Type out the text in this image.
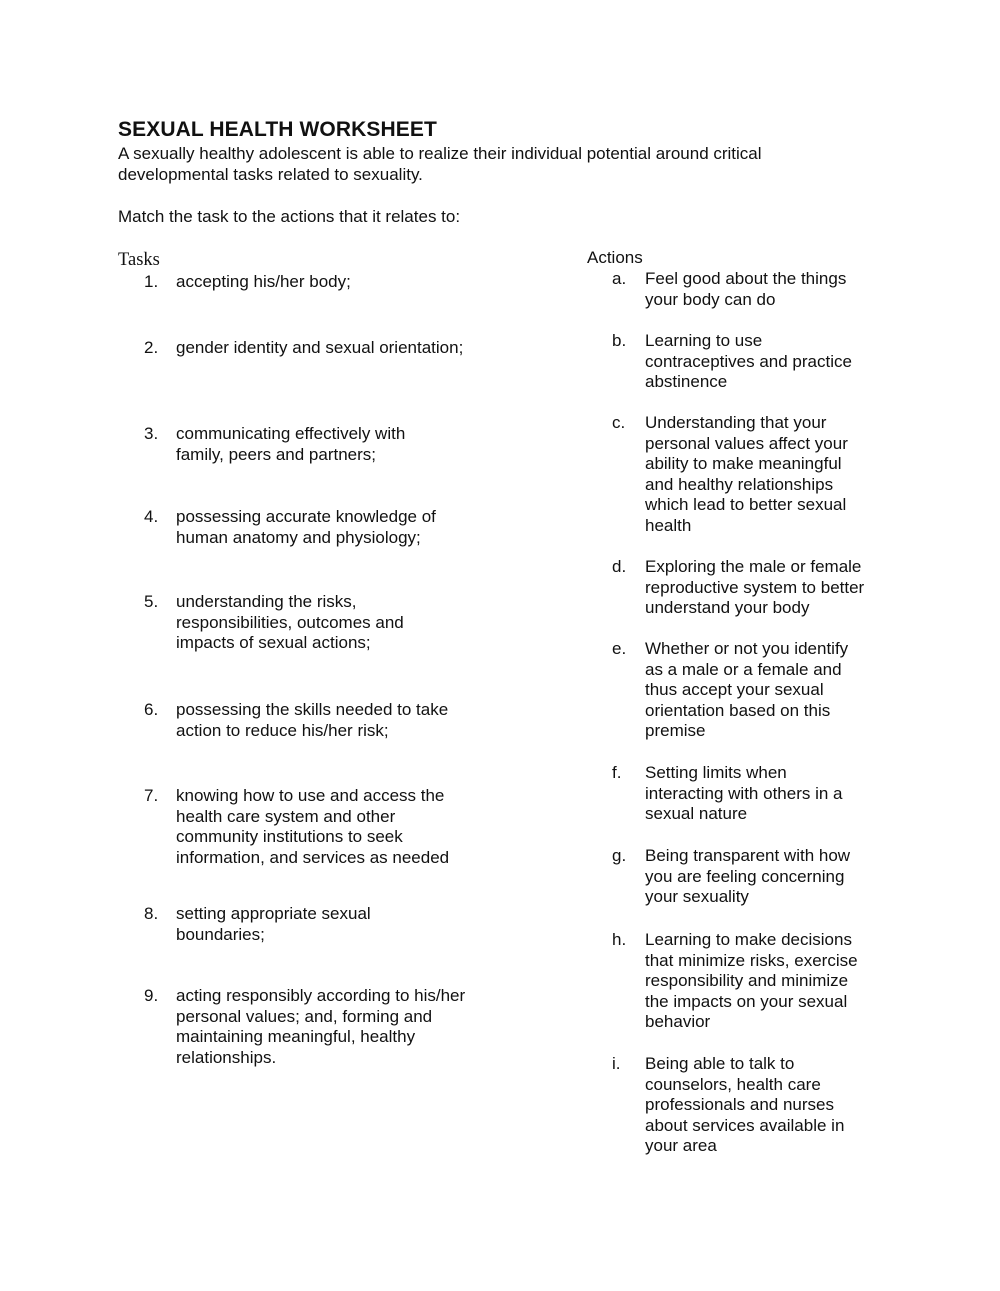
SEXUAL HEALTH WORKSHEET
A sexually healthy adolescent is able to realize their individual potential around critical developmental tasks related to sexuality.
Match the task to the actions that it relates to:
Tasks	Actions
1.	accepting his/her body;
2.	gender identity and sexual orientation;
3.	communicating effectively with family, peers and partners;
4.	possessing accurate knowledge of human anatomy and physiology;
5.	understanding the risks, responsibilities, outcomes and impacts of sexual actions;
6.	possessing the skills needed to take action to reduce his/her risk;
7.	knowing how to use and access the health care system and other community institutions to seek information, and services as needed
8.	setting appropriate sexual boundaries;
9.	acting responsibly according to his/her personal values; and, forming and maintaining meaningful, healthy relationships.
a.	Feel good about the things your body can do
b.	Learning to use contraceptives and practice abstinence
c.	Understanding that your personal values affect your ability to make meaningful and healthy relationships which lead to better sexual health
d.	Exploring the male or female reproductive system to better understand your body
e.	Whether or not you identify as a male or a female and thus accept your sexual orientation based on this premise
f.	Setting limits when interacting with others in a sexual nature
g.	Being transparent with how you are feeling concerning your sexuality
h.	Learning to make decisions that minimize risks, exercise responsibility and minimize the impacts on your sexual behavior
i.	Being able to talk to counselors, health care professionals and nurses about services available in your area
